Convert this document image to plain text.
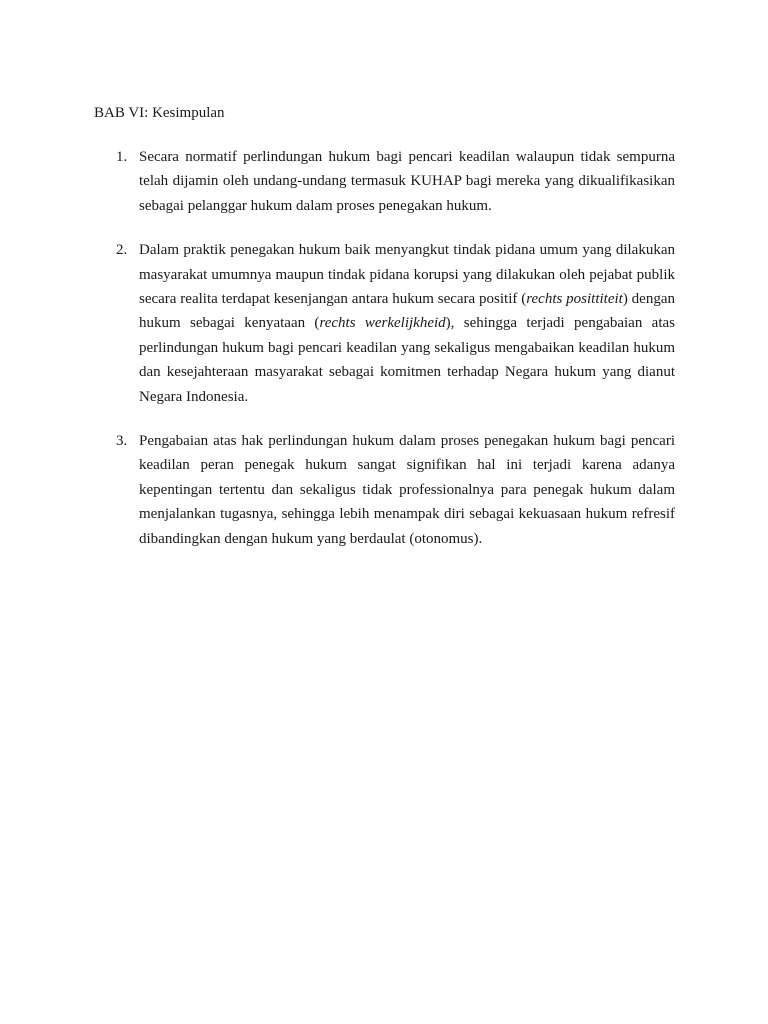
BAB VI: Kesimpulan
1. Secara normatif perlindungan hukum bagi pencari keadilan walaupun tidak sempurna telah dijamin oleh undang-undang termasuk KUHAP bagi mereka yang dikualifikasikan sebagai pelanggar hukum dalam proses penegakan hukum.

2. Dalam praktik penegakan hukum baik menyangkut tindak pidana umum yang dilakukan masyarakat umumnya maupun tindak pidana korupsi yang dilakukan oleh pejabat publik secara realita terdapat kesenjangan antara hukum secara positif (rechts posittiteit) dengan hukum sebagai kenyataan (rechts werkelijkheid), sehingga terjadi pengabaian atas perlindungan hukum bagi pencari keadilan yang sekaligus mengabaikan keadilan hukum dan kesejahteraan masyarakat sebagai komitmen terhadap Negara hukum yang dianut Negara Indonesia.

3. Pengabaian atas hak perlindungan hukum dalam proses penegakan hukum bagi pencari keadilan peran penegak hukum sangat signifikan hal ini terjadi karena adanya kepentingan tertentu dan sekaligus tidak professionalnya para penegak hukum dalam menjalankan tugasnya, sehingga lebih menampak diri sebagai kekuasaan hukum refresif dibandingkan dengan hukum yang berdaulat (otonomus).
